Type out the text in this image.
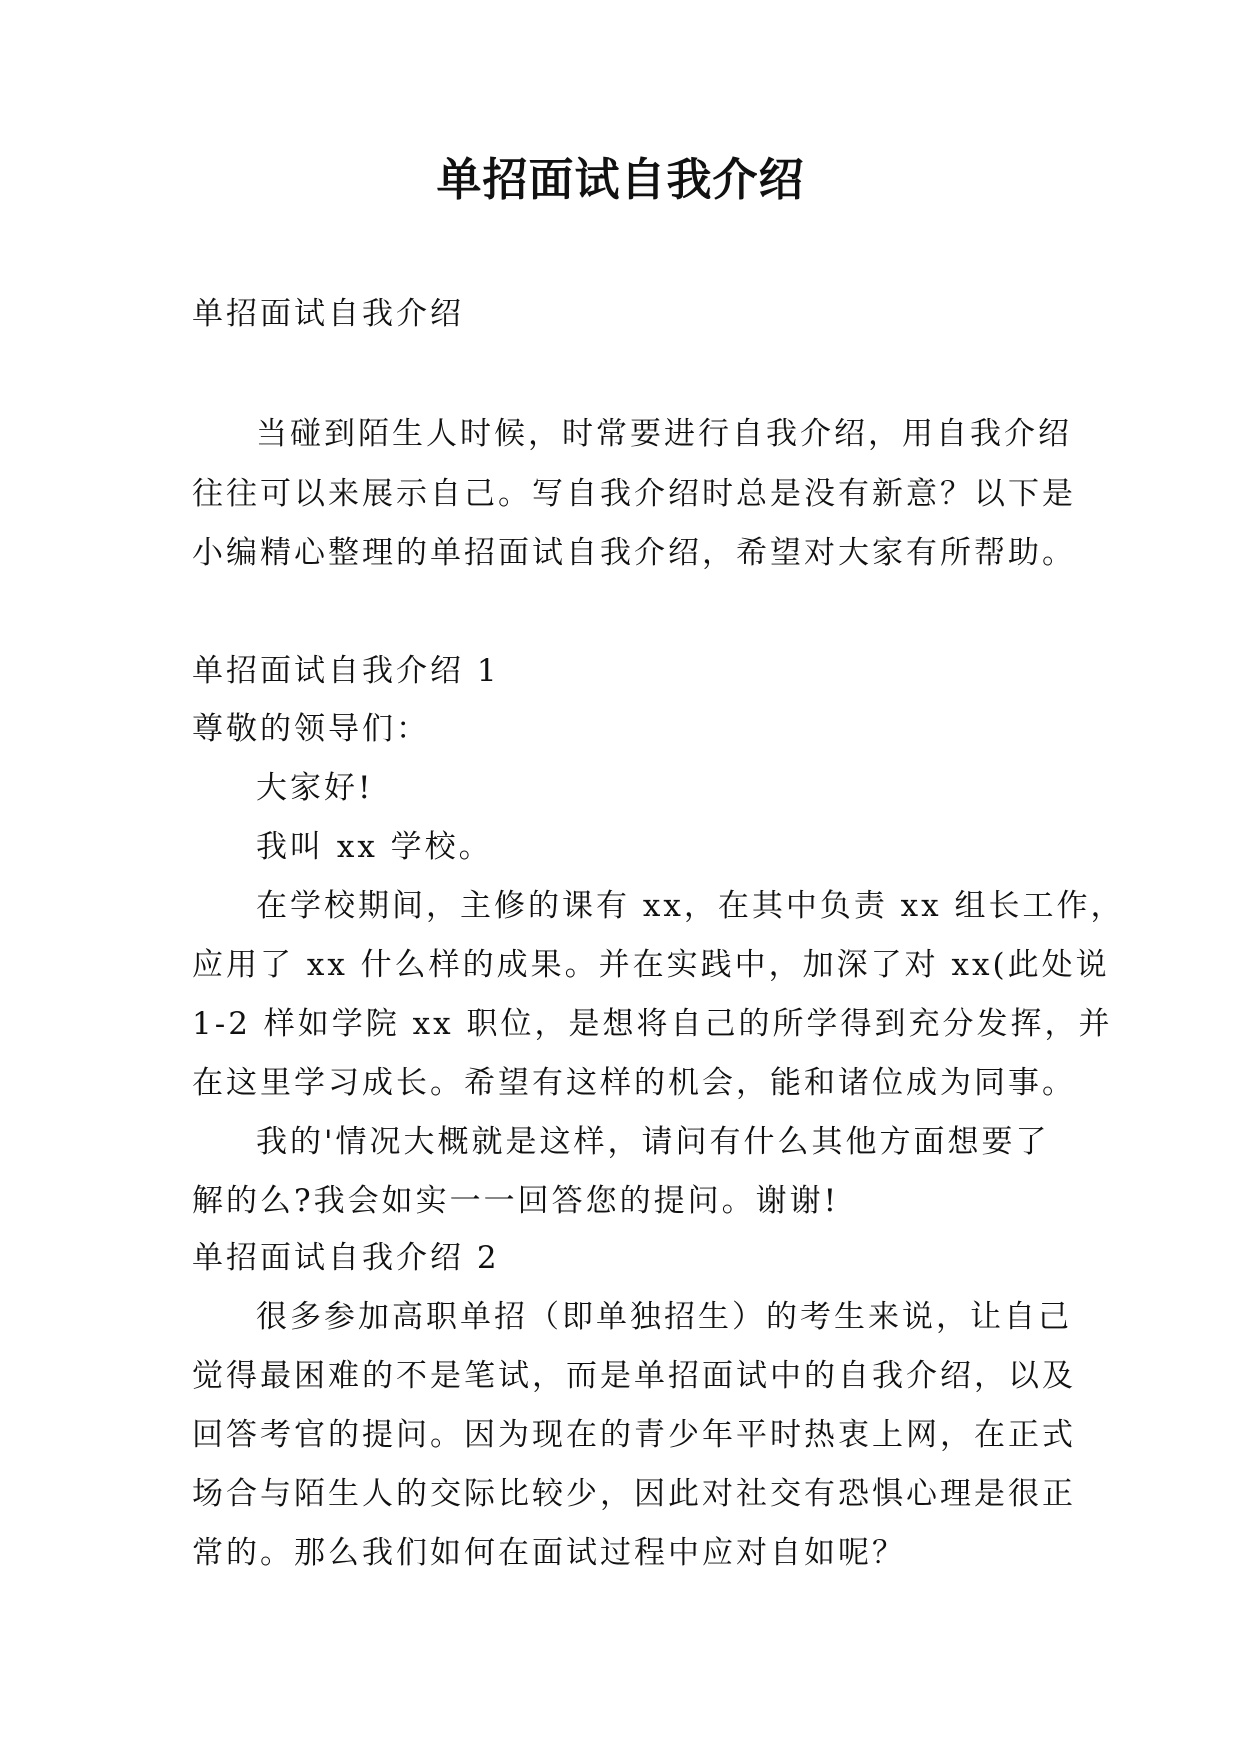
单招面试自我介绍
单招面试自我介绍
当碰到陌生人时候，时常要进行自我介绍，用自我介绍
往往可以来展示自己。写自我介绍时总是没有新意？以下是
小编精心整理的单招面试自我介绍，希望对大家有所帮助。
单招面试自我介绍 1
尊敬的领导们：
大家好!
我叫 xx 学校。
在学校期间，主修的课有 xx，在其中负责 xx 组长工作，
应用了 xx 什么样的成果。并在实践中，加深了对 xx(此处说
1-2 样如学院 xx 职位，是想将自己的所学得到充分发挥，并
在这里学习成长。希望有这样的机会，能和诸位成为同事。
我的'情况大概就是这样，请问有什么其他方面想要了
解的么?我会如实一一回答您的提问。谢谢!
单招面试自我介绍 2
很多参加高职单招（即单独招生）的考生来说，让自己
觉得最困难的不是笔试，而是单招面试中的自我介绍，以及
回答考官的提问。因为现在的青少年平时热衷上网，在正式
场合与陌生人的交际比较少，因此对社交有恐惧心理是很正
常的。那么我们如何在面试过程中应对自如呢？
